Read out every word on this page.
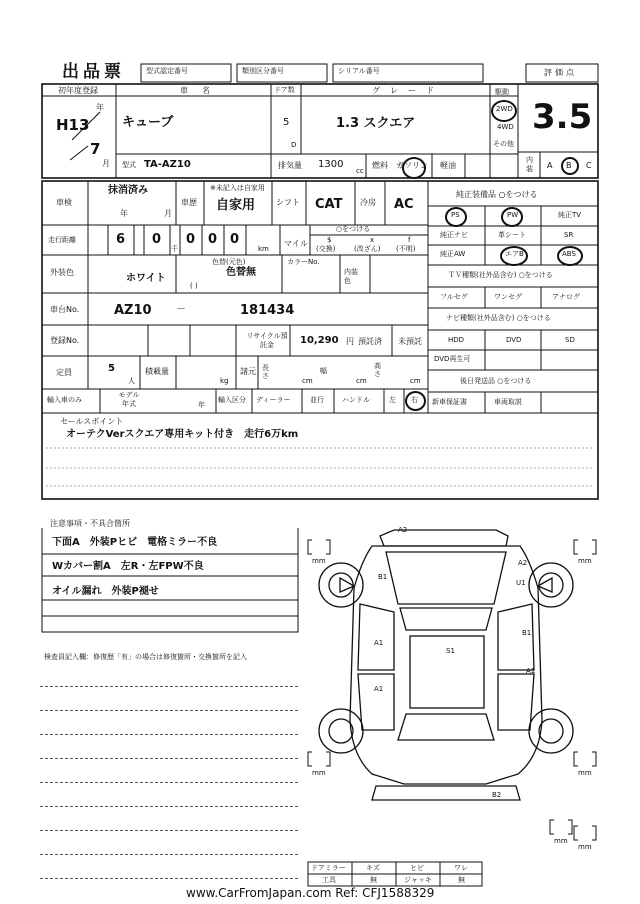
出品票	型式認定番号	類別区分番号	シリアル番号	評価点
初年度登録
H13
年
7
月
車名
キューブ
ドア数
5
D
グレード
1.3 スクエア
駆動
2WD
4WD
その他
3.5
型式 TA-AZ10	排気量 1300
cc
燃料 ガソリン 軽油
内装 A B C
車検
抹消済み
年	月
車歴
※未記入は自家用
自家用	シフト CAT 冷房 AC
走行距離	6 0
千
0 0 0
km
マイル
○をつける
$
(交換)
x
(改ざん)
f
(不明)
外装色
ホワイト
色替(元色)
色替無
( )
カラーNo.
内装色
車台No.	AZ10 －	181434
登録No.	リサイクル預託金	10,290 円 預託済 未預託
定員	5
人
積載量
kg
諸元 長さ
cm
幅
cm
高さ
cm
輸入車のみ
モデル年式	年
輸入区分 ディーラー	並行	ハンドル	左 右
セールスポイント
オーテクVerスクエア専用キット付き　走行6万km
純正装備品 ○をつける
PS	PW	純正TV
純正ナビ	革シート	SR
純正AW	エアB	ABS
ＴＶ種類(社外品含む) ○をつける
フルセグ	ワンセグ	アナログ
ナビ種類(社外品含む) ○をつける
HDD	DVD	SD
DVD再生可
後日発送品 ○をつける
新車保証書	車両取説
注意事項・不具合箇所
下面A　外装Pヒビ　電格ミラー不良
Wカバー割A　左R・左FPW不良
オイル漏れ　外装P褪せ
検査員記入欄：修復歴「有」の場合は修復箇所・交換箇所を記入
A2
B1
A2
U1
A1
S1
B1
A1
A1
B2
mm	mm
mm	mm
mm
mm
ドアミラー	キズ	ヒビ	ワレ
工具	無	ジャッキ	無
www.CarFromJapan.com Ref: CFJ1588329
